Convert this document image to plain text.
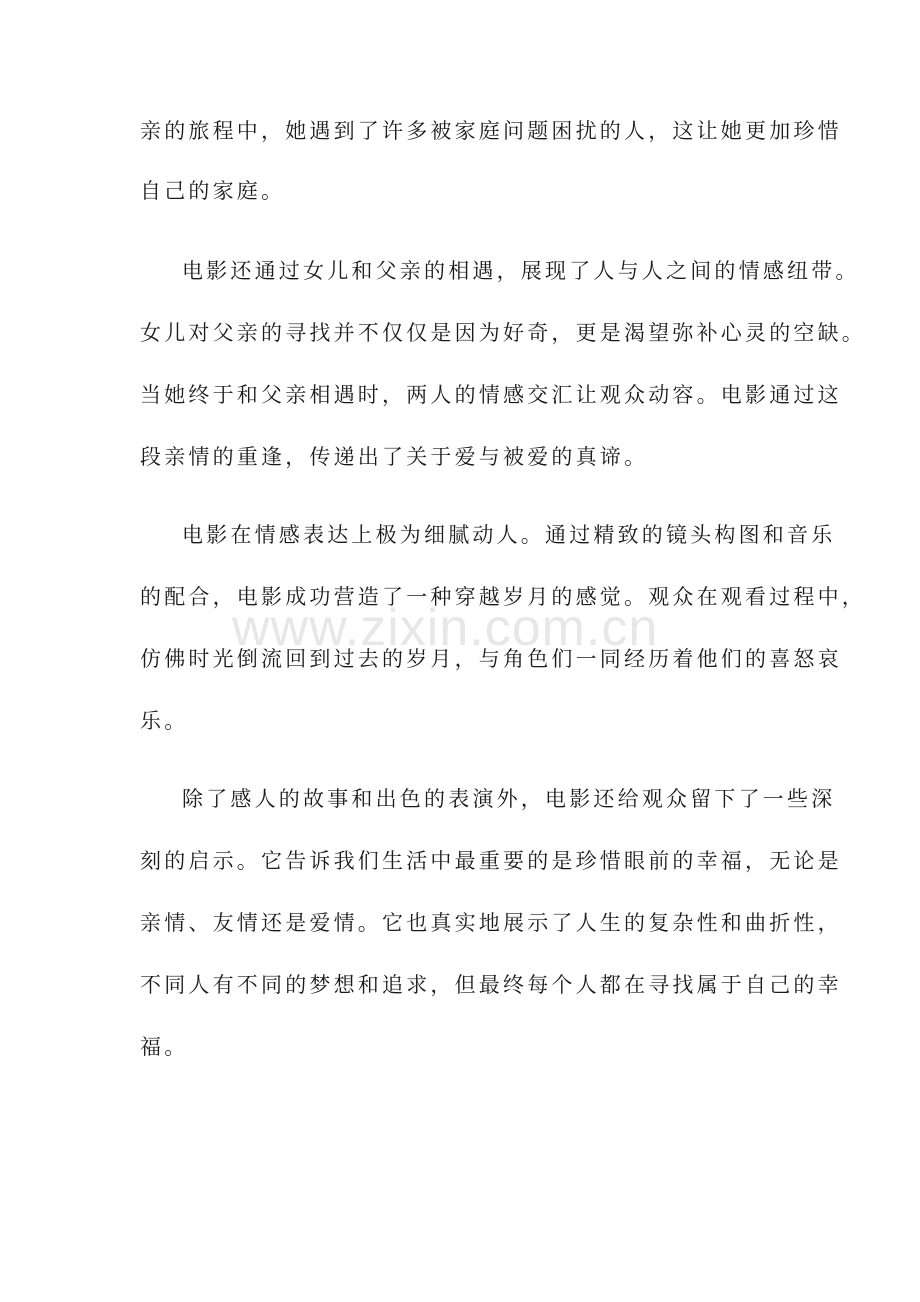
亲的旅程中，她遇到了许多被家庭问题困扰的人，这让她更加珍惜

自己的家庭。

电影还通过女儿和父亲的相遇，展现了人与人之间的情感纽带。

女儿对父亲的寻找并不仅仅是因为好奇，更是渴望弥补心灵的空缺。

当她终于和父亲相遇时，两人的情感交汇让观众动容。电影通过这

段亲情的重逢，传递出了关于爱与被爱的真谛。

电影在情感表达上极为细腻动人。通过精致的镜头构图和音乐

的配合，电影成功营造了一种穿越岁月的感觉。观众在观看过程中，

仿佛时光倒流回到过去的岁月，与角色们一同经历着他们的喜怒哀

乐。

除了感人的故事和出色的表演外，电影还给观众留下了一些深

刻的启示。它告诉我们生活中最重要的是珍惜眼前的幸福，无论是

亲情、友情还是爱情。它也真实地展示了人生的复杂性和曲折性，

不同人有不同的梦想和追求，但最终每个人都在寻找属于自己的幸

福。

www.zixin.com.cn
